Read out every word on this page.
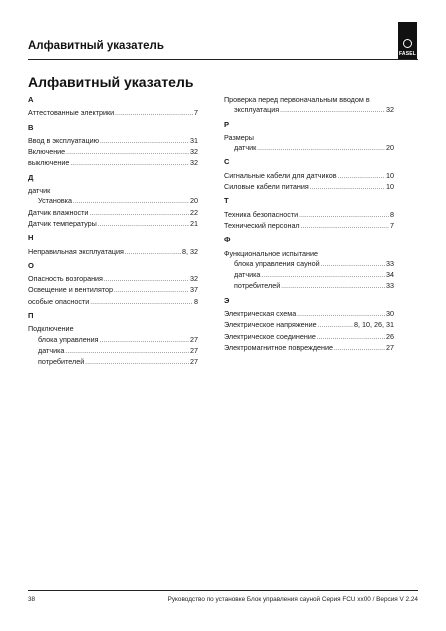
Алфавитный указатель
FASEL
Алфавитный указатель
А
Аттестованные электрики .....	7
В
Ввод в эксплуатацию .....	31
Включение .....	32
выключение .....	32
Д
датчик
Установка .....	20
Датчик влажности .....	22
Датчик температуры .....	21
Н
Неправильная эксплуатация .....	8, 32
О
Опасность возгорания .....	32
Освещение и вентилятор .....	37
особые опасности .....	8
П
Подключение
блока управления .....	27
датчика .....	27
потребителей .....	27
Проверка перед первоначальным вводом в
эксплуатация .....	32
Р
Размеры
датчик .....	20
С
Сигнальные кабели для датчиков .....	10
Силовые кабели питания .....	10
Т
Техника безопасности .....	8
Технический персонал .....	7
Ф
Функциональное испытание
блока управления сауной .....	33
датчика .....	34
потребителей .....	33
Э
Электрическая схема .....	30
Электрическое напряжение .....	8, 10, 26, 31
Электрическое соединение .....	26
Электромагнитное повреждение .....	27
38	Руководство по установке Блок управления сауной Серия FCU xx00 / Версия V 2.24
